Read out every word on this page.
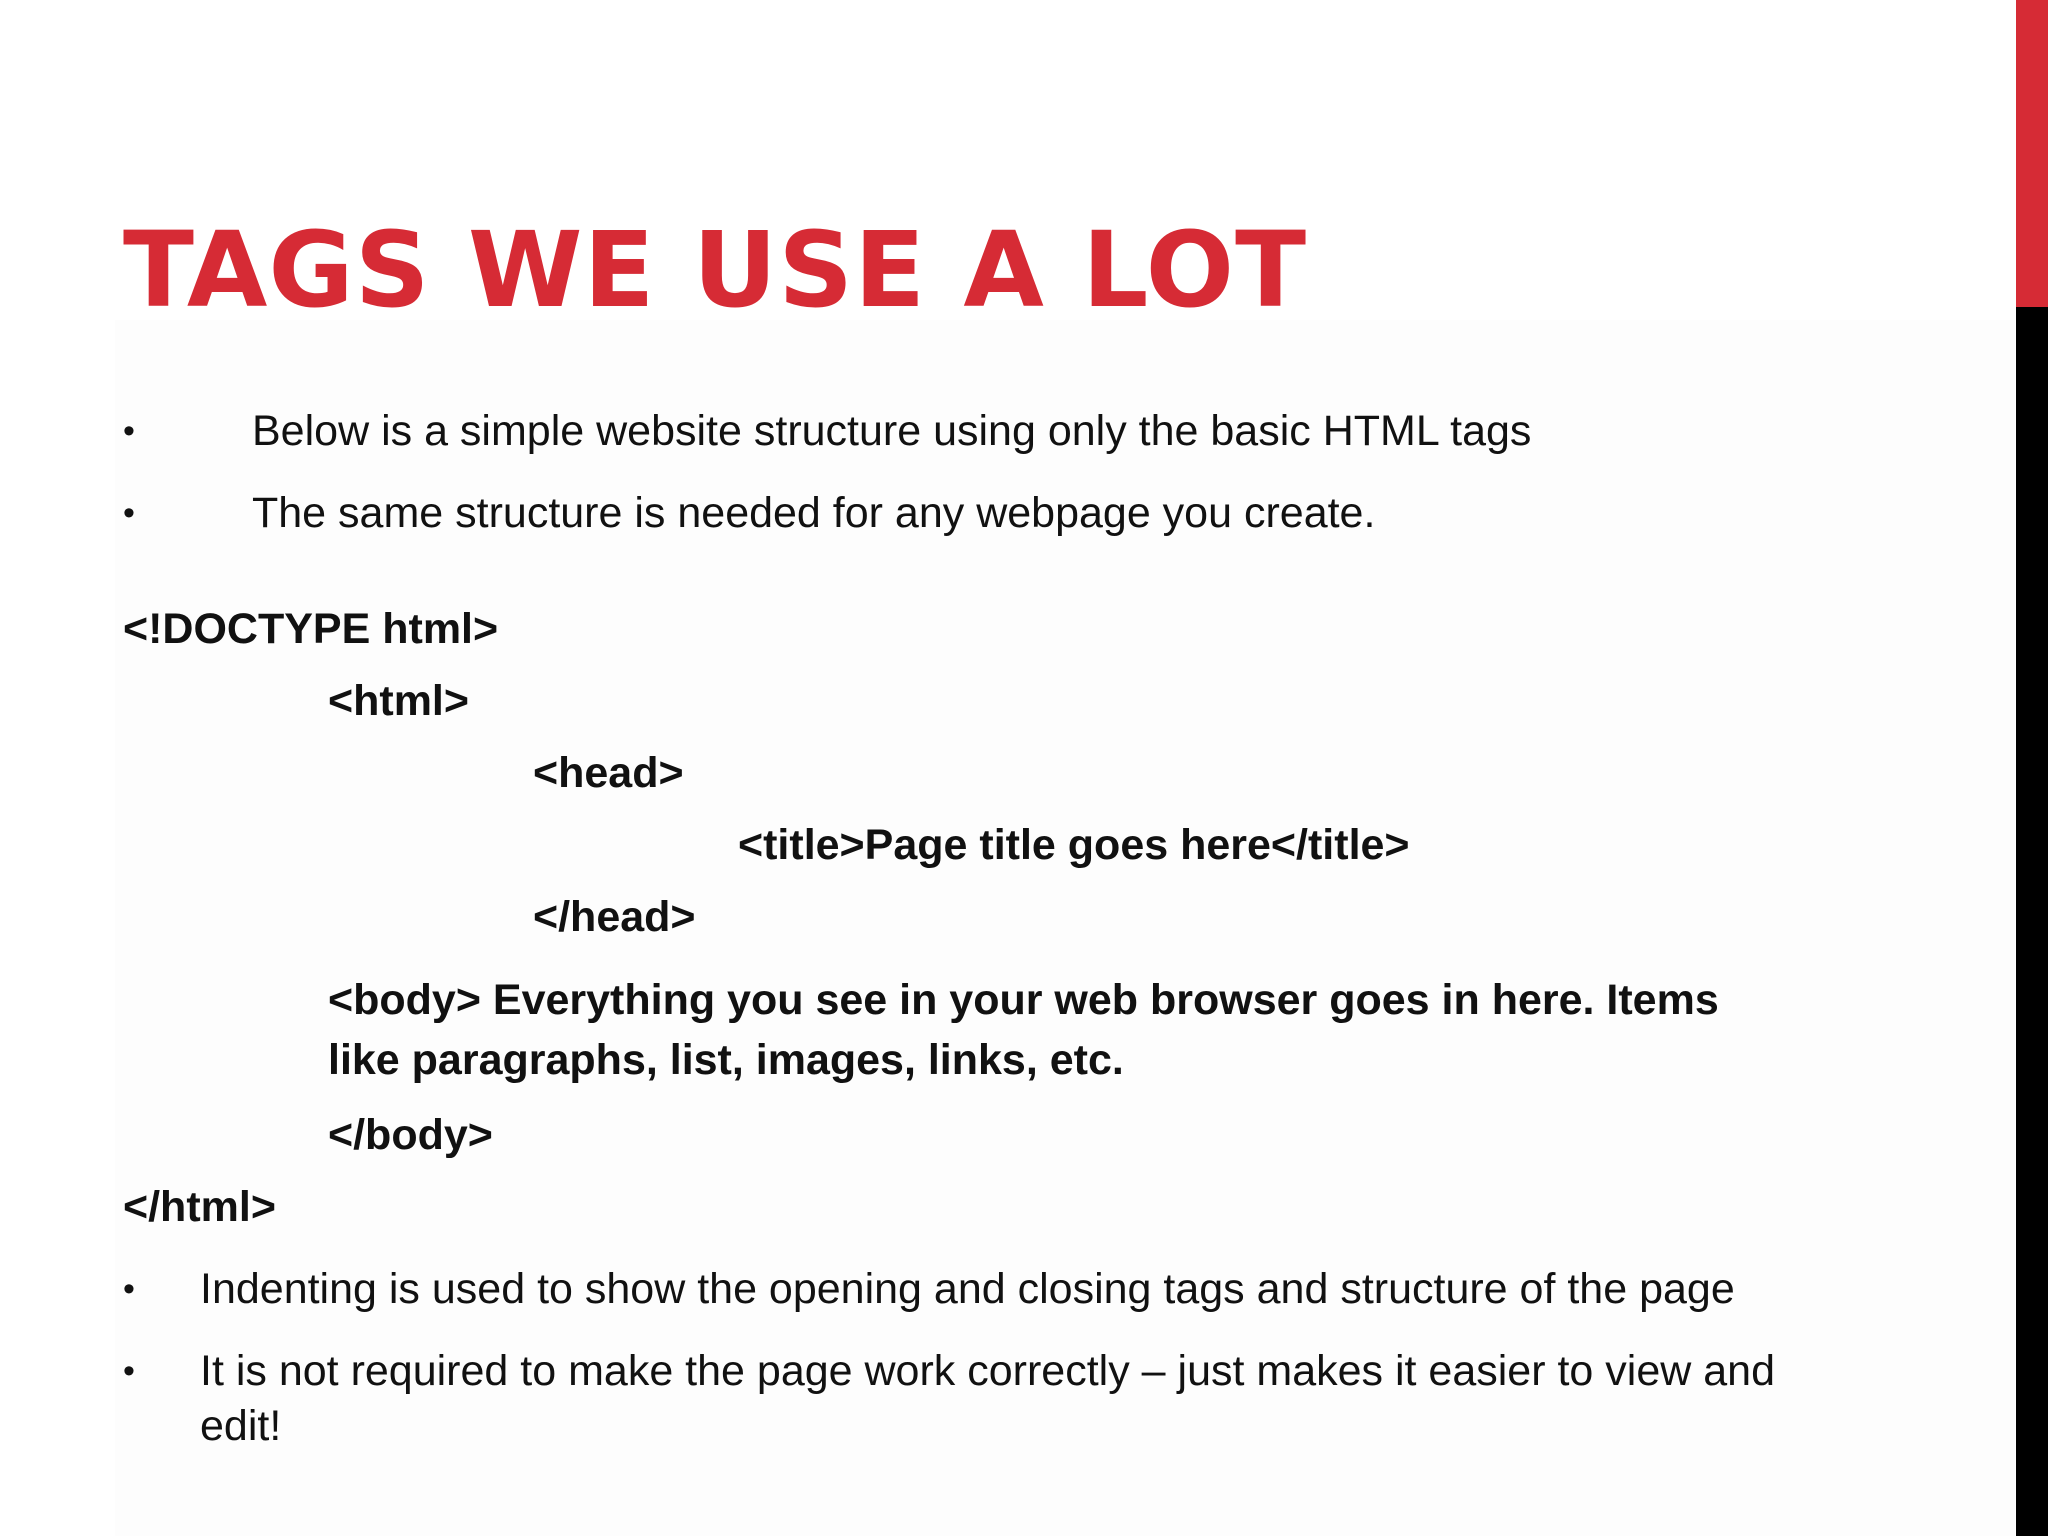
TAGS WE USE A LOT
•	Below is a simple website structure using only the basic HTML tags
•	The same structure is needed for any webpage you create.
<!DOCTYPE html>
<html>
<head>
<title>Page title goes here</title>
</head>
<body> Everything you see in your web browser goes in here. Items like paragraphs, list, images, links, etc.
</body>
</html>
•	Indenting is used to show the opening and closing tags and structure of the page
•	It is not required to make the page work correctly – just makes it easier to view and edit!
